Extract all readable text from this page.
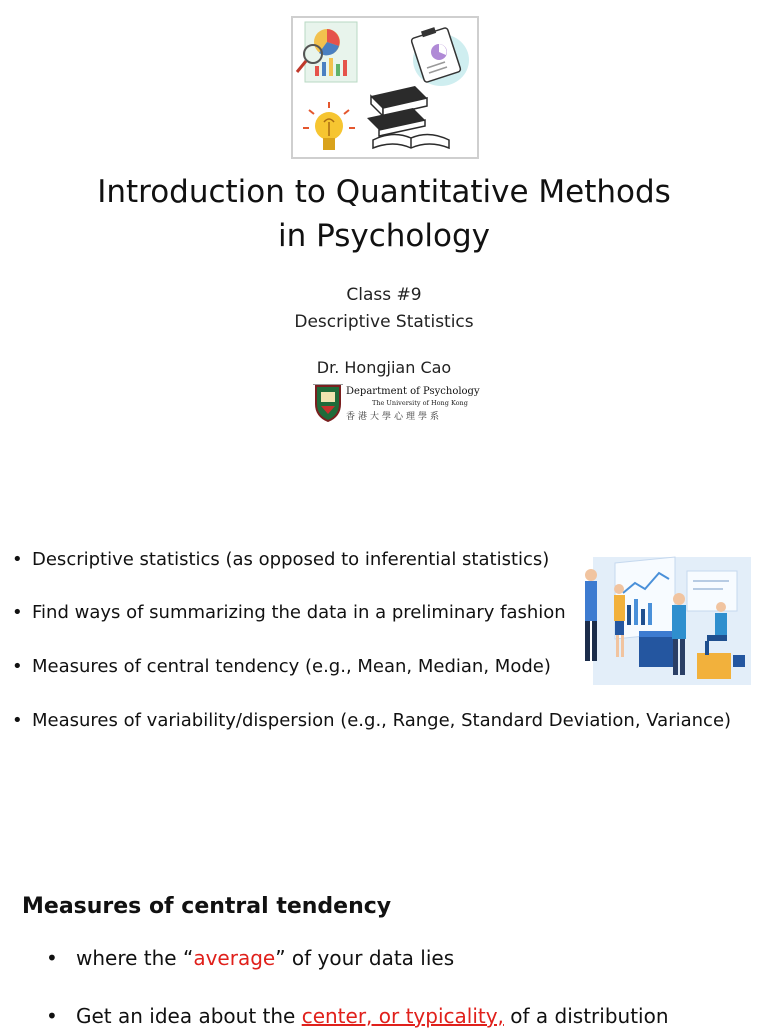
Introduction to Quantitative Methods
in Psychology
Class #9
Descriptive Statistics
Dr. Hongjian Cao
Department of Psychology
The University of Hong Kong
香港大學心理學系
• Descriptive statistics (as opposed to inferential statistics)
• Find ways of summarizing the data in a preliminary fashion
• Measures of central tendency (e.g., Mean, Median, Mode)
• Measures of variability/dispersion (e.g., Range, Standard Deviation, Variance)
Measures of central tendency
• where the “average” of your data lies
• Get an idea about the center, or typicality, of a distribution
